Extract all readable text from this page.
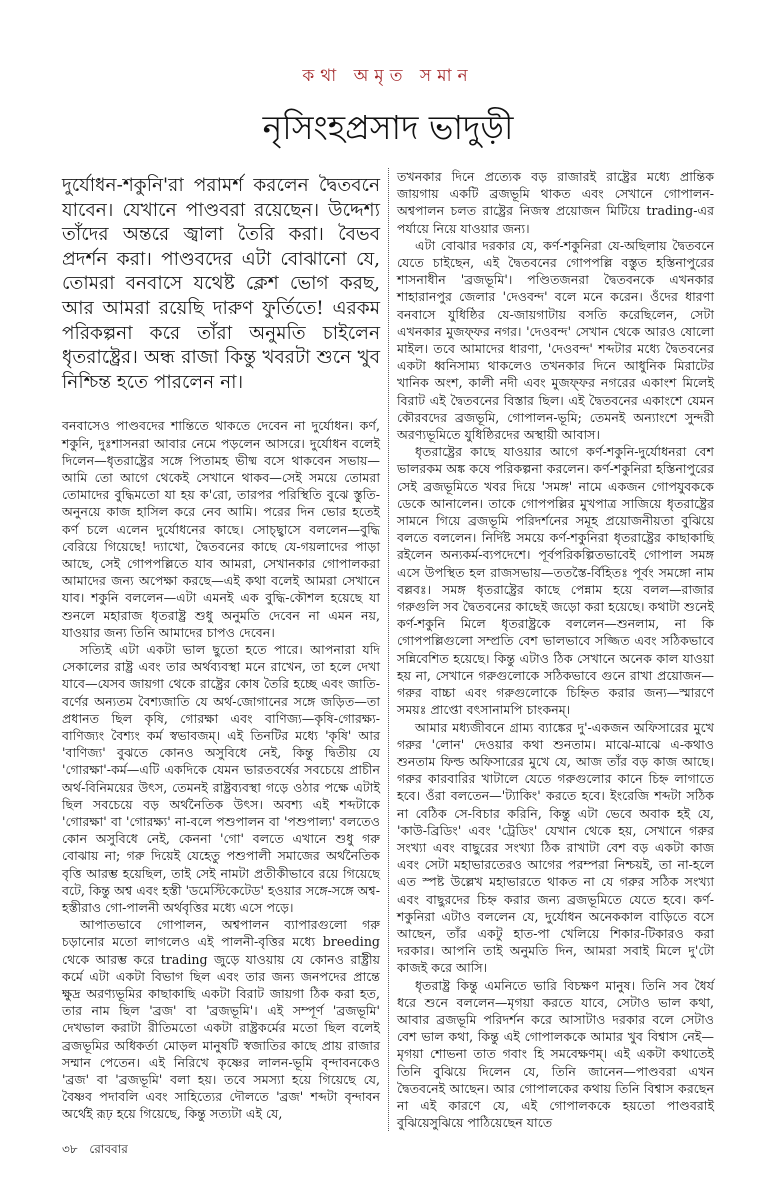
কথা অমৃত সমান
নৃসিংহপ্রসাদ ভাদুড়ী

দুর্যোধন-শকুনি'রা পরামর্শ করলেন দ্বৈতবনে যাবেন। যেখানে পাণ্ডবরা রয়েছেন। উদ্দেশ্য তাঁদের অন্তরে জ্বালা তৈরি করা। বৈভব প্রদর্শন করা। পাণ্ডবদের এটা বোঝানো যে, তোমরা বনবাসে যথেষ্ট ক্লেশ ভোগ করছ, আর আমরা রয়েছি দারুণ ফুর্তিতে! এরকম পরিকল্পনা করে তাঁরা অনুমতি চাইলেন ধৃতরাষ্ট্রের। অন্ধ রাজা কিন্তু খবরটা শুনে খুব নিশ্চিন্ত হতে পারলেন না।

বনবাসেও পাণ্ডবদের শান্তিতে থাকতে দেবেন না দুর্যোধন। কর্ণ, শকুনি, দুঃশাসনরা আবার নেমে পড়লেন আসরে। দুর্যোধন বলেই দিলেন—ধৃতরাষ্ট্রের সঙ্গে পিতামহ ভীষ্ম বসে থাকবেন সভায়—আমি তো আগে থেকেই সেখানে থাকব—সেই সময়ে তোমরা তোমাদের বুদ্ধিমতো যা হয় ক'রো, তারপর পরিস্থিতি বুঝে স্তুতি-অনুনয়ে কাজ হাসিল করে নেব আমি। পরের দিন ভোর হতেই কর্ণ চলে এলেন দুর্যোধনের কাছে। সোচ্ছ্বাসে বললেন—বুদ্ধি বেরিয়ে গিয়েছে! দ্যাখো, দ্বৈতবনের কাছে যে-গয়লাদের পাড়া আছে, সেই গোপপল্লিতে যাব আমরা, সেখানকার গোপালকরা আমাদের জন্য অপেক্ষা করছে—এই কথা বলেই আমরা সেখানে যাব। শকুনি বললেন—এটা এমনই এক বুদ্ধি-কৌশল হয়েছে যা শুনলে মহারাজ ধৃতরাষ্ট্র শুধু অনুমতি দেবেন না এমন নয়, যাওয়ার জন্য তিনি আমাদের চাপও দেবেন।

সত্যিই এটা একটা ভাল ছুতো হতে পারে। আপনারা যদি সেকালের রাষ্ট্র এবং তার অর্থব্যবস্থা মনে রাখেন, তা হলে দেখা যাবে—যেসব জায়গা থেকে রাষ্ট্রের কোষ তৈরি হচ্ছে এবং জাতি-বর্ণের অন্যতম বৈশ্যজাতি যে অর্থ-জোগানের সঙ্গে জড়িত—তা প্রধানত ছিল কৃষি, গোরক্ষা এবং বাণিজ্য—কৃষি-গোরক্ষ্য-বাণিজ্যং বৈশ্যং কর্ম স্বভাবজম্। এই তিনটির মধ্যে 'কৃষি' আর 'বাণিজ্য' বুঝতে কোনও অসুবিধে নেই, কিন্তু দ্বিতীয় যে 'গোরক্ষা'-কর্ম—এটি একদিকে যেমন ভারতবর্ষের সবচেয়ে প্রাচীন অর্থ-বিনিময়ের উৎস, তেমনই রাষ্ট্রব্যবস্থা গড়ে ওঠার পক্ষে এটাই ছিল সবচেয়ে বড় অর্থনৈতিক উৎস। অবশ্য এই শব্দটাকে 'গোরক্ষা' বা 'গোরক্ষ্য' না-বলে পশুপালন বা 'পশুপাল্য' বলতেও কোন অসুবিধে নেই, কেননা 'গো' বলতে এখানে শুধু গরু বোঝায় না; গরু দিয়েই যেহেতু পশুপালী সমাজের অর্থনৈতিক বৃত্তি আরম্ভ হয়েছিল, তাই সেই নামটা প্রতীকীভাবে রয়ে গিয়েছে বটে, কিন্তু অশ্ব এবং হস্তী 'ডমেস্টিকেটেড' হওয়ার সঙ্গে-সঙ্গে অশ্ব-হস্তীরাও গো-পালনী অর্থবৃত্তির মধ্যে এসে পড়ে।

আপাতভাবে গোপালন, অশ্বপালন ব্যাপারগুলো গরু চড়ানোর মতো লাগলেও এই পালনী-বৃত্তির মধ্যে breeding থেকে আরম্ভ করে trading জুড়ে যাওয়ায় যে কোনও রাষ্ট্রীয় কর্মে এটা একটা বিভাগ ছিল এবং তার জন্য জনপদের প্রান্তে ক্ষুদ্র অরণ্যভূমির কাছাকাছি একটা বিরাট জায়গা ঠিক করা হত, তার নাম ছিল 'ব্রজ' বা 'ব্রজভূমি'। এই সম্পূর্ণ 'ব্রজভূমি' দেখভাল করাটা রীতিমতো একটা রাষ্ট্রকর্মের মতো ছিল বলেই ব্রজভূমির অধিকর্তা মোড়ল মানুষটি স্বজাতির কাছে প্রায় রাজার সম্মান পেতেন। এই নিরিখে কৃষ্ণের লালন-ভূমি বৃন্দাবনকেও 'ব্রজ' বা 'ব্রজভূমি' বলা হয়। তবে সমস্যা হয়ে গিয়েছে যে, বৈষ্ণব পদাবলি এবং সাহিত্যের দৌলতে 'ব্রজ' শব্দটা বৃন্দাবন অর্থেই রূঢ় হয়ে গিয়েছে, কিন্তু সত্যটা এই যে,

তখনকার দিনে প্রত্যেক বড় রাজারই রাষ্ট্রের মধ্যে প্রান্তিক জায়গায় একটি ব্রজভূমি থাকত এবং সেখানে গোপালন-অশ্বপালন চলত রাষ্ট্রের নিজস্ব প্রয়োজন মিটিয়ে trading-এর পর্যায়ে নিয়ে যাওয়ার জন্য।

এটা বোঝার দরকার যে, কর্ণ-শকুনিরা যে-অছিলায় দ্বৈতবনে যেতে চাইছেন, এই দ্বৈতবনের গোপপল্লি বস্তুত হস্তিনাপুরের শাসনাধীন 'ব্রজভূমি'। পণ্ডিতজনরা দ্বৈতবনকে এখনকার শাহারানপুর জেলার 'দেওবন্দ' বলে মনে করেন। ওঁদের ধারণা বনবাসে যুধিষ্ঠির যে-জায়গাটায় বসতি করেছিলেন, সেটা এখনকার মুজফ্ফর নগর। 'দেওবন্দ' সেখান থেকে আরও ষোলো মাইল। তবে আমাদের ধারণা, 'দেওবন্দ' শব্দটার মধ্যে দ্বৈতবনের একটা ধ্বনিসাম্য থাকলেও তখনকার দিনে আধুনিক মিরাটের খানিক অংশ, কালী নদী এবং মুজফ্ফর নগরের একাংশ মিলেই বিরাট এই দ্বৈতবনের বিস্তার ছিল। এই দ্বৈতবনের একাংশে যেমন কৌরবদের ব্রজভূমি, গোপালন-ভূমি; তেমনই অন্যাংশে সুন্দরী অরণ্যভূমিতে যুধিষ্ঠিরদের অস্থায়ী আবাস।

ধৃতরাষ্ট্রের কাছে যাওয়ার আগে কর্ণ-শকুনি-দুর্যোধনরা বেশ ভালরকম অঙ্ক কষে পরিকল্পনা করলেন। কর্ণ-শকুনিরা হস্তিনাপুরের সেই ব্রজভূমিতে খবর দিয়ে 'সমঙ্গ' নামে একজন গোপযুবককে ডেকে আনালেন। তাকে গোপপল্লির মুখপাত্র সাজিয়ে ধৃতরাষ্ট্রের সামনে গিয়ে ব্রজভূমি পরিদর্শনের সমূহ প্রয়োজনীয়তা বুঝিয়ে বলতে বললেন। নির্দিষ্ট সময়ে কর্ণ-শকুনিরা ধৃতরাষ্ট্রের কাছাকাছি রইলেন অন্যকর্ম-ব্যপদেশে। পূর্বপরিকল্পিতভাবেই গোপাল সমঙ্গ এসে উপস্থিত হল রাজসভায়—ততস্তৈ-র্বিহিতঃ পূর্বং সমঙ্গো নাম বল্লবঃ। সমঙ্গ ধৃতরাষ্ট্রের কাছে পেন্নাম হয়ে বলল—রাজার গরুগুলি সব দ্বৈতবনের কাছেই জড়ো করা হয়েছে। কথাটা শুনেই কর্ণ-শকুনি মিলে ধৃতরাষ্ট্রকে বললেন—শুনলাম, না কি গোপপল্লিগুলো সম্প্রতি বেশ ভালভাবে সজ্জিত এবং সঠিকভাবে সন্নিবেশিত হয়েছে। কিন্তু এটাও ঠিক সেখানে অনেক কাল যাওয়া হয় না, সেখানে গরুগুলোকে সঠিকভাবে গুনে রাখা প্রয়োজন—গরুর বাচ্চা এবং গরুগুলোকে চিহ্নিত করার জন্য—স্মারণে সময়ঃ প্রাপ্তো বৎসানামপি চাংকনম্।

আমার মধ্যজীবনে গ্রাম্য ব্যাঙ্কের দু'-একজন অফিসারের মুখে গরুর 'লোন' দেওয়ার কথা শুনতাম। মাঝে-মাঝে এ-কথাও শুনতাম ফিল্ড অফিসারের মুখে যে, আজ তাঁর বড় কাজ আছে। গরুর কারবারির খাটালে যেতে গরুগুলোর কানে চিহ্ন লাগাতে হবে। ওঁরা বলতেন—'ট্যাকিং' করতে হবে। ইংরেজি শব্দটা সঠিক না বেঠিক সে-বিচার করিনি, কিন্তু এটা ভেবে অবাক হই যে, 'কাউ-ব্রিডিং' এবং 'ট্রেডিং' যেখান থেকে হয়, সেখানে গরুর সংখ্যা এবং বাছুরের সংখ্যা ঠিক রাখাটা বেশ বড় একটা কাজ এবং সেটা মহাভারতেরও আগের পরম্পরা নিশ্চয়ই, তা না-হলে এত স্পষ্ট উল্লেখ মহাভারতে থাকত না যে গরুর সঠিক সংখ্যা এবং বাছুরদের চিহ্ন করার জন্য ব্রজভূমিতে যেতে হবে। কর্ণ-শকুনিরা এটাও বললেন যে, দুর্যোধন অনেককাল বাড়িতে বসে আছেন, তাঁর একটু হাত-পা খেলিয়ে শিকার-টিকারও করা দরকার। আপনি তাই অনুমতি দিন, আমরা সবাই মিলে দু'টো কাজই করে আসি।

ধৃতরাষ্ট্র কিন্তু এমনিতে ভারি বিচক্ষণ মানুষ। তিনি সব ধৈর্য ধরে শুনে বললেন—মৃগয়া করতে যাবে, সেটাও ভাল কথা, আবার ব্রজভূমি পরিদর্শন করে আসাটাও দরকার বলে সেটাও বেশ ভাল কথা, কিন্তু এই গোপালককে আমার খুব বিশ্বাস নেই—মৃগয়া শোভনা তাত গবাং হি সমবেক্ষণম্। এই একটা কথাতেই তিনি বুঝিয়ে দিলেন যে, তিনি জানেন—পাণ্ডবরা এখন দ্বৈতবনেই আছেন। আর গোপালকের কথায় তিনি বিশ্বাস করছেন না এই কারণে যে, এই গোপালককে হয়তো পাণ্ডবরাই বুঝিয়েসুঝিয়ে পাঠিয়েছেন যাতে

৩৮ রোববার
